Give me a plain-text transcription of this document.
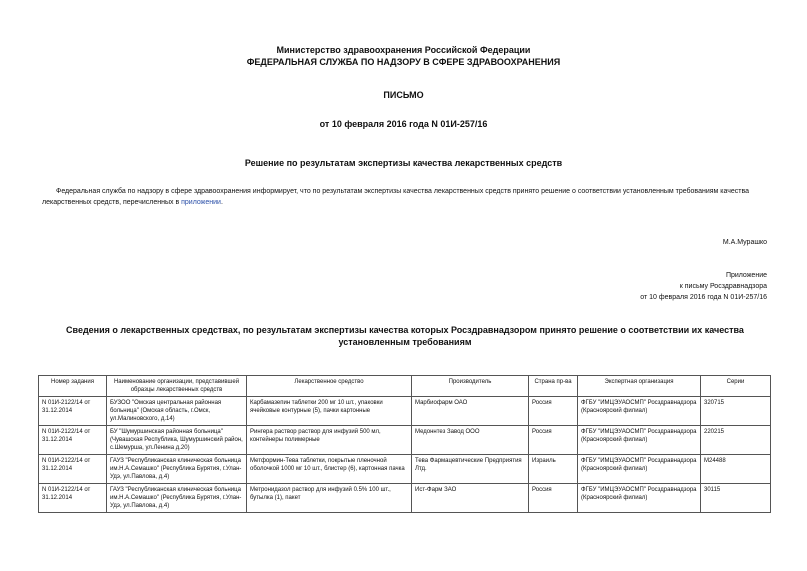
Министерство здравоохранения Российской Федерации
ФЕДЕРАЛЬНАЯ СЛУЖБА ПО НАДЗОРУ В СФЕРЕ ЗДРАВООХРАНЕНИЯ
ПИСЬМО
от 10 февраля 2016 года N 01И-257/16
Решение по результатам экспертизы качества лекарственных средств
Федеральная служба по надзору в сфере здравоохранения информирует, что по результатам экспертизы качества лекарственных средств принято решение о соответствии установленным требованиям качества лекарственных средств, перечисленных в приложении.
М.А.Мурашко
Приложение
к письму Росздравнадзора
от 10 февраля 2016 года N 01И-257/16
Сведения о лекарственных средствах, по результатам экспертизы качества которых Росздравнадзором принято решение о соответствии их качества установленным требованиям
Номер задания	Наименование организации, представившей образцы лекарственных средств	Лекарственное средство	Производитель	Страна пр-ва	Экспертная организация	Серии
N 01И-2122/14 от 31.12.2014	БУЗОО "Омская центральная районная больница" (Омская область, г.Омск, ул.Малиновского, д.14)	Карбамазепин таблетки 200 мг 10 шт., упаковки ячейковые контурные (5), пачки картонные	Марбиофарм ОАО	Россия	ФГБУ "ИМЦЭУАОСМП" Росздравнадзора (Красноярский филиал)	320715
N 01И-2122/14 от 31.12.2014	БУ "Шумуршинская районная больница" (Чувашская Республика, Шумуршинский район, с.Шемурша, ул.Ленина д.20)	Рингера раствор раствор для инфузий 500 мл, контейнеры полимерные	Медоннтез Завод ООО	Россия	ФГБУ "ИМЦЭУАОСМП" Росздравнадзора (Красноярский филиал)	220215
N 01И-2122/14 от 31.12.2014	ГАУЗ "Республиканская клиническая больница им.Н.А.Семашко" (Республика Бурятия, г.Улан-Удэ, ул.Павлова, д.4)	Метформин-Тева таблетки, покрытые пленочной оболочкой 1000 мг 10 шт., блистер (6), картонная пачка	Тева Фармацевтические Предприятия Лтд.	Израиль	ФГБУ "ИМЦЭУАОСМП" Росздравнадзора (Красноярский филиал)	M24488
N 01И-2122/14 от 31.12.2014	ГАУЗ "Республиканская клиническая больница им.Н.А.Семашко" (Республика Бурятия, г.Улан-Удэ, ул.Павлова, д.4)	Метронидазол раствор для инфузий 0.5% 100 шт., бутылка (1), пакет	Ист-Фарм ЗАО	Россия	ФГБУ "ИМЦЭУАОСМП" Росздравнадзора (Красноярский филиал)	30115
